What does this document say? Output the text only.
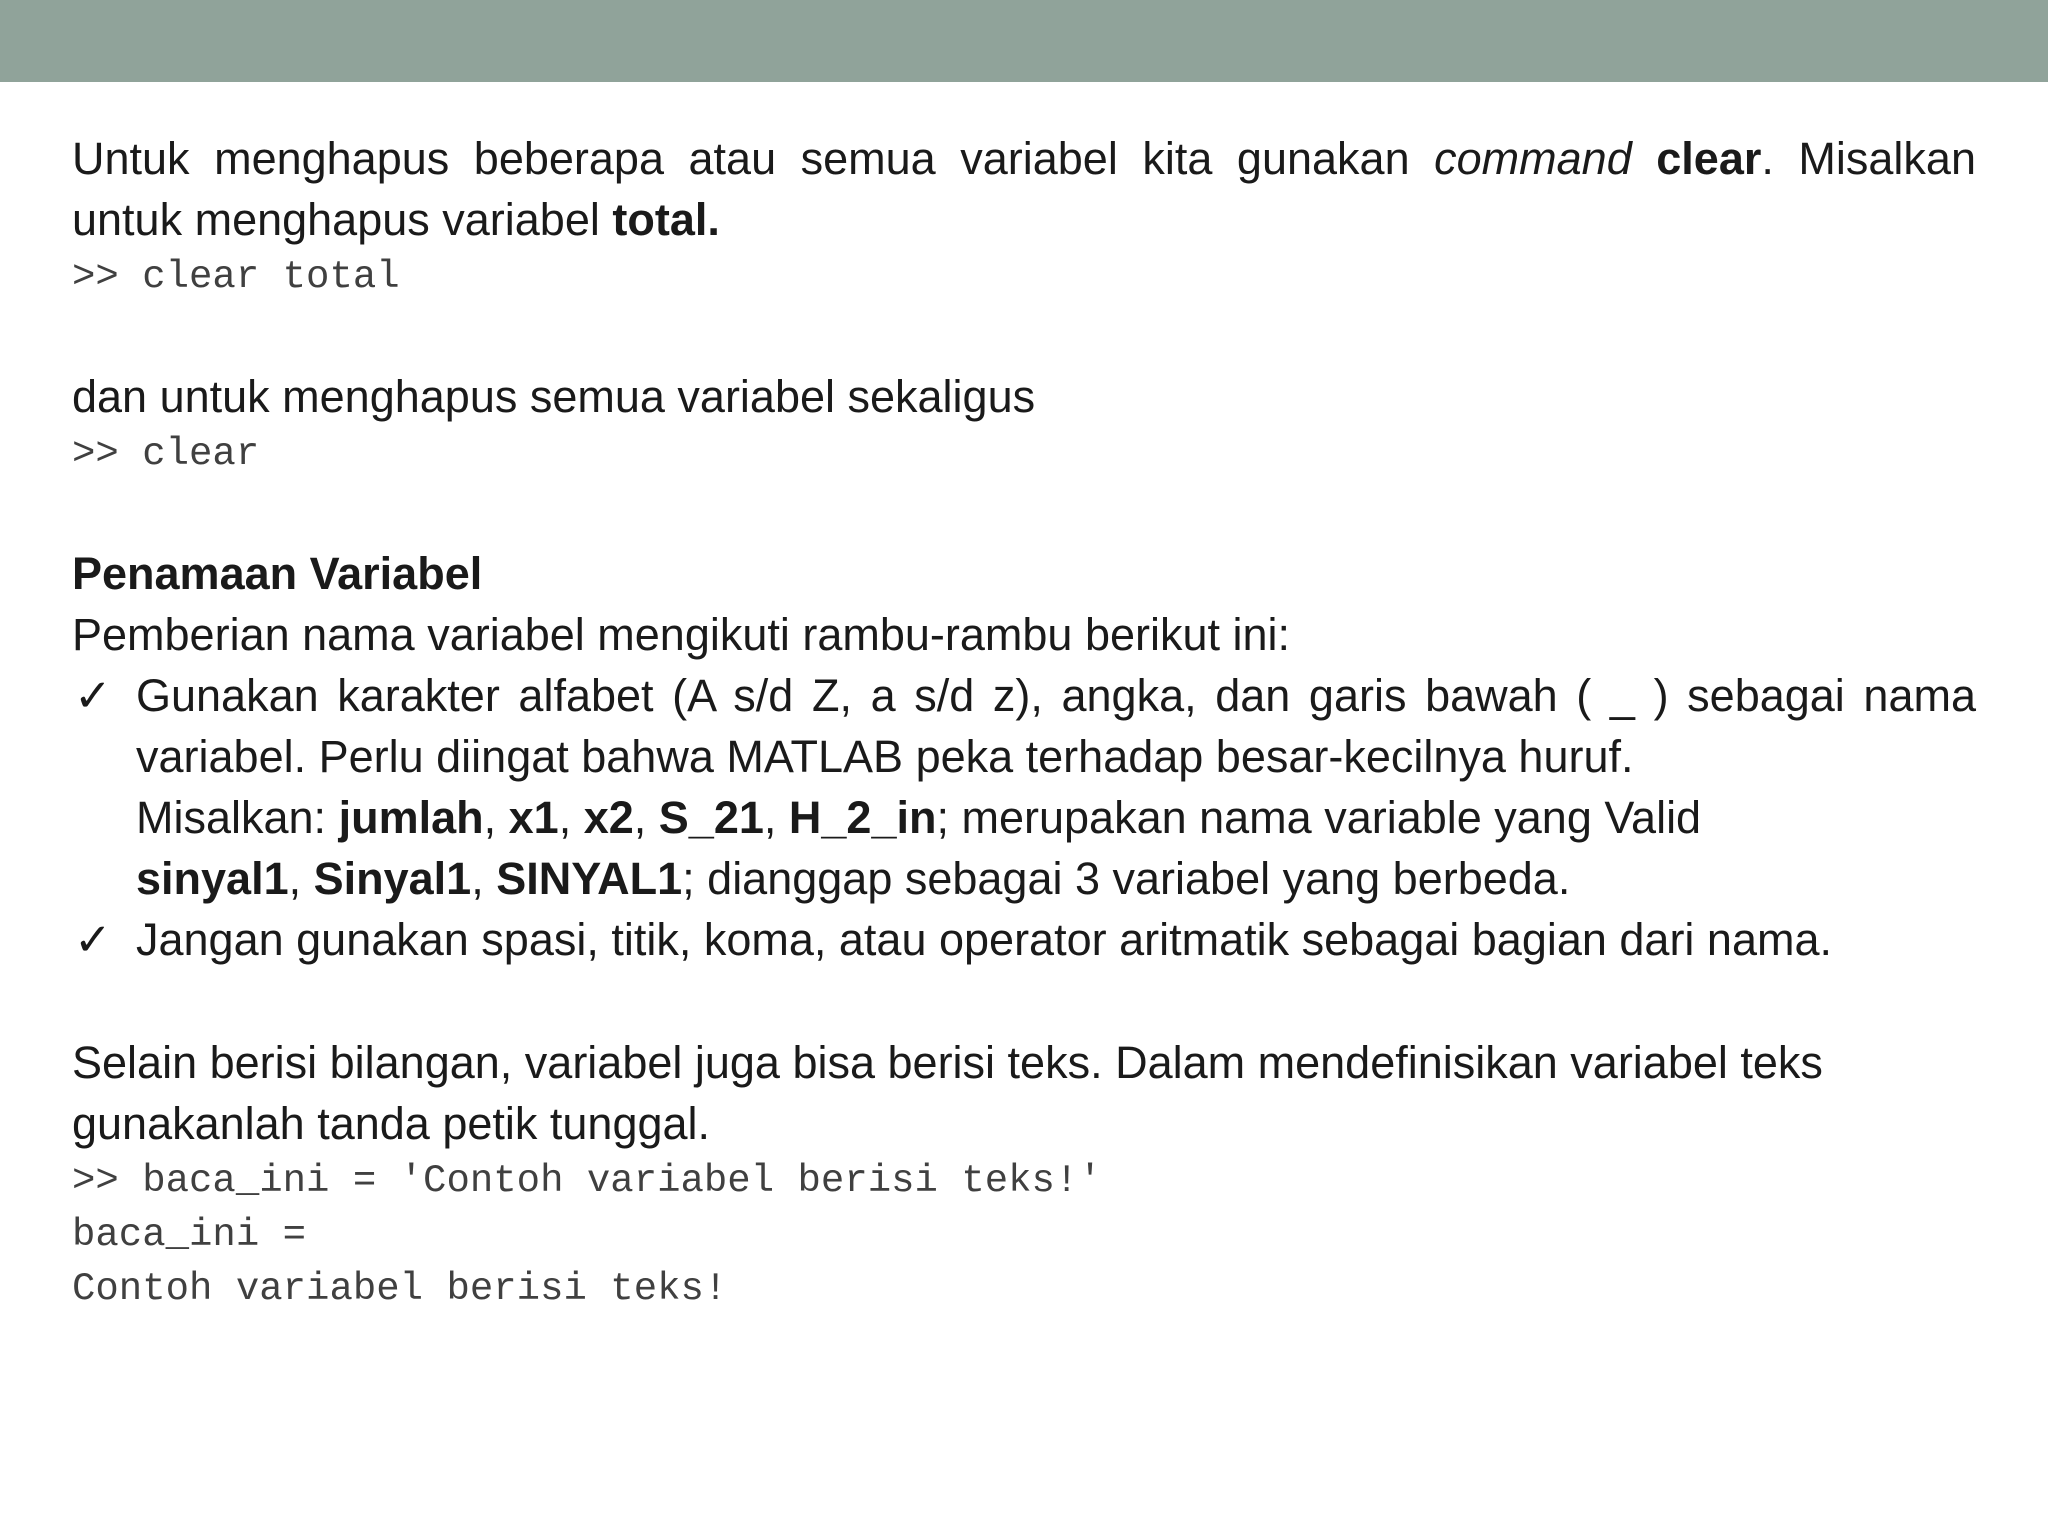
Untuk menghapus beberapa atau semua variabel kita gunakan command clear. Misalkan untuk menghapus variabel total.

>> clear total

dan untuk menghapus semua variabel sekaligus

>> clear

Penamaan Variabel

Pemberian nama variabel mengikuti rambu-rambu berikut ini:

✓ Gunakan karakter alfabet (A s/d Z, a s/d z), angka, dan garis bawah ( _ ) sebagai nama variabel. Perlu diingat bahwa MATLAB peka terhadap besar-kecilnya huruf.

Misalkan: jumlah, x1, x2, S_21, H_2_in; merupakan nama variable yang Valid

sinyal1, Sinyal1, SINYAL1; dianggap sebagai 3 variabel yang berbeda.

✓ Jangan gunakan spasi, titik, koma, atau operator aritmatik sebagai bagian dari nama.

Selain berisi bilangan, variabel juga bisa berisi teks. Dalam mendefinisikan variabel teks gunakanlah tanda petik tunggal.

>> baca_ini = 'Contoh variabel berisi teks!'
baca_ini =
Contoh variabel berisi teks!
